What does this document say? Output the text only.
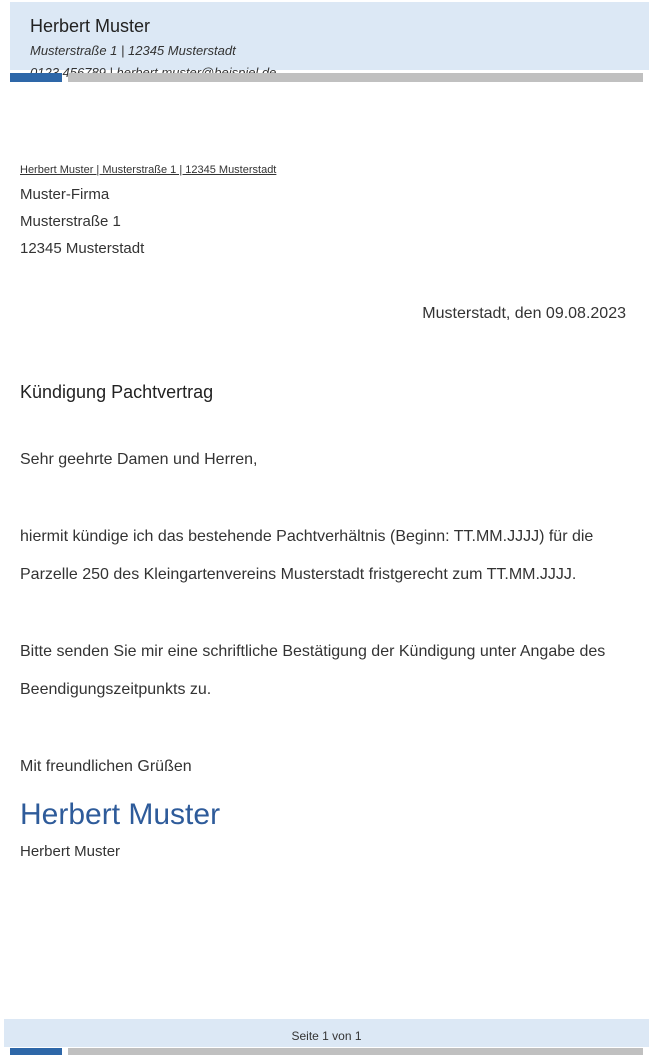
Herbert Muster
Musterstraße 1 | 12345 Musterstadt
Herbert Muster | Musterstraße 1 | 12345 Musterstadt
Muster-Firma
Musterstraße 1
12345 Musterstadt
Musterstadt, den 09.08.2023
Kündigung Pachtvertrag
Sehr geehrte Damen und Herren,
hiermit kündige ich das bestehende Pachtverhältnis (Beginn: TT.MM.JJJJ) für die
Parzelle 250 des Kleingartenvereins Musterstadt fristgerecht zum TT.MM.JJJJ.
Bitte senden Sie mir eine schriftliche Bestätigung der Kündigung unter Angabe des
Beendigungszeitpunkts zu.
Mit freundlichen Grüßen
Herbert Muster
Herbert Muster
Seite 1 von 1
